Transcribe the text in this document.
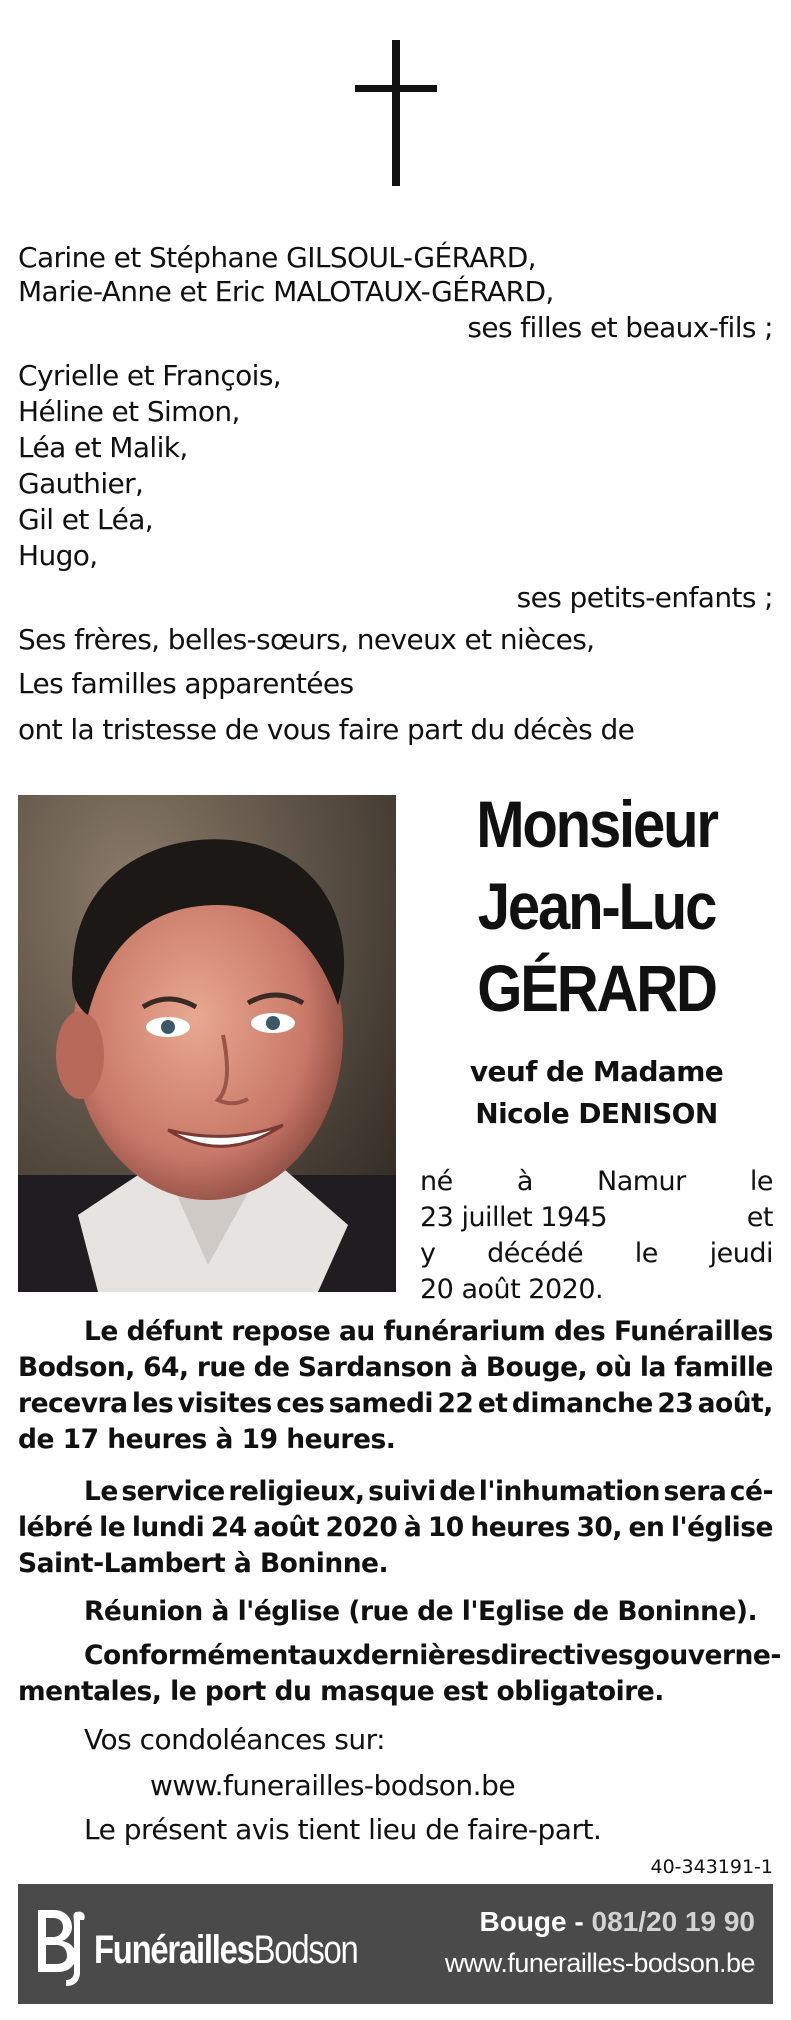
Carine et Stéphane GILSOUL-GÉRARD,
Marie-Anne et Eric MALOTAUX-GÉRARD,
ses filles et beaux-fils ;
Cyrielle et François,
Héline et Simon,
Léa et Malik,
Gauthier,
Gil et Léa,
Hugo,
ses petits-enfants ;
Ses frères, belles-sœurs, neveux et nièces,
Les familles apparentées
ont la tristesse de vous faire part du décès de
Monsieur
Jean-Luc
GÉRARD
veuf de Madame
Nicole DENISON
né à Namur le
23 juillet 1945	et
y décédé le jeudi
20 août 2020.
Le défunt repose au funérarium des Funérailles
Bodson, 64, rue de Sardanson à Bouge, où la famille
recevra les visites ces samedi 22 et dimanche 23 août,
de 17 heures à 19 heures.
Le service religieux, suivi de l'inhumation sera cé-
lébré le lundi 24 août 2020 à 10 heures 30, en l'église
Saint-Lambert à Boninne.
Réunion à l'église (rue de l'Eglise de Boninne).
Conformément aux dernières directives gouverne-
mentales, le port du masque est obligatoire.
Vos condoléances sur:
www.funerailles-bodson.be
Le présent avis tient lieu de faire-part.
40-343191-1
FunéraillesBodson
Bouge - 081/20 19 90
www.funerailles-bodson.be
